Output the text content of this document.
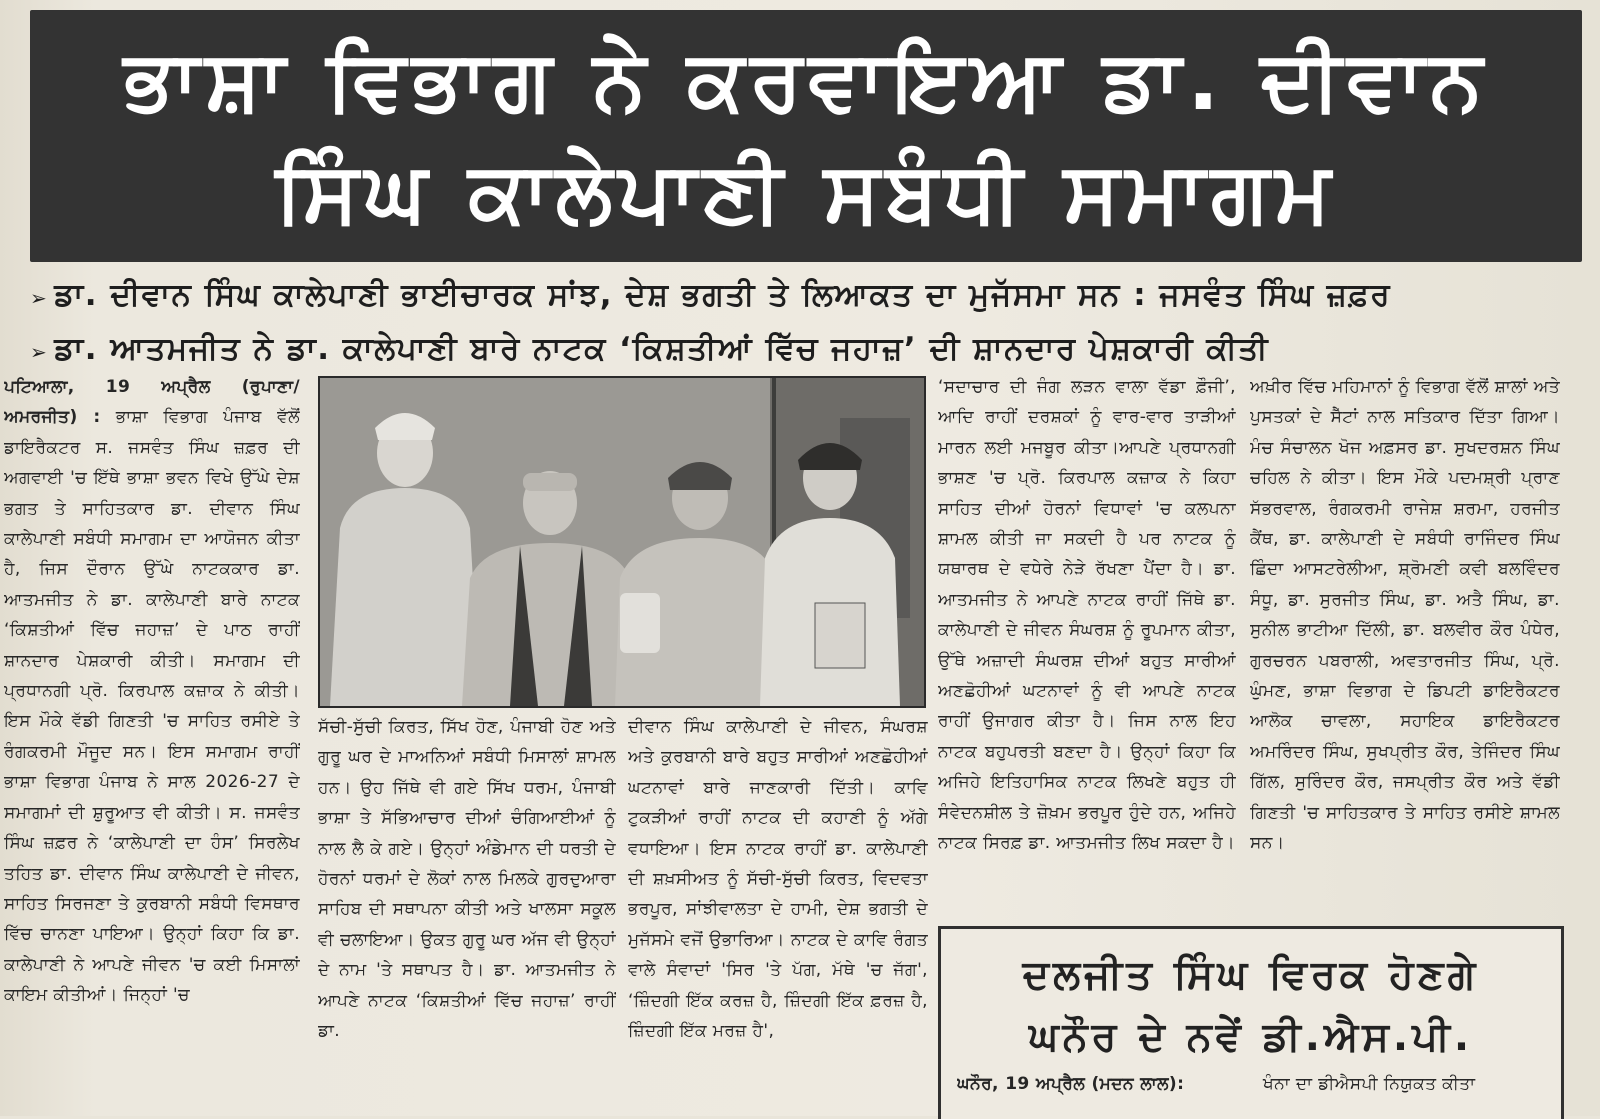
ਭਾਸ਼ਾ ਵਿਭਾਗ ਨੇ ਕਰਵਾਇਆ ਡਾ. ਦੀਵਾਨ
ਸਿੰਘ ਕਾਲੇਪਾਣੀ ਸਬੰਧੀ ਸਮਾਗਮ
➢ ਡਾ. ਦੀਵਾਨ ਸਿੰਘ ਕਾਲੇਪਾਣੀ ਭਾਈਚਾਰਕ ਸਾਂਝ, ਦੇਸ਼ ਭਗਤੀ ਤੇ ਲਿਆਕਤ ਦਾ ਮੁਜੱਸਮਾ ਸਨ : ਜਸਵੰਤ ਸਿੰਘ ਜ਼ਫ਼ਰ
➢ ਡਾ. ਆਤਮਜੀਤ ਨੇ ਡਾ. ਕਾਲੇਪਾਣੀ ਬਾਰੇ ਨਾਟਕ ‘ਕਿਸ਼ਤੀਆਂ ਵਿੱਚ ਜਹਾਜ਼’ ਦੀ ਸ਼ਾਨਦਾਰ ਪੇਸ਼ਕਾਰੀ ਕੀਤੀ

ਪਟਿਆਲਾ, 19 ਅਪ੍ਰੈਲ (ਰੁਪਾਣਾ/ ਅਮਰਜੀਤ) : ਭਾਸ਼ਾ ਵਿਭਾਗ ਪੰਜਾਬ ਵੱਲੋਂ ਡਾਇਰੈਕਟਰ ਸ. ਜਸਵੰਤ ਸਿੰਘ ਜ਼ਫ਼ਰ ਦੀ ਅਗਵਾਈ 'ਚ ਇੱਥੇ ਭਾਸ਼ਾ ਭਵਨ ਵਿਖੇ ਉੱਘੇ ਦੇਸ਼ ਭਗਤ ਤੇ ਸਾਹਿਤਕਾਰ ਡਾ. ਦੀਵਾਨ ਸਿੰਘ ਕਾਲੇਪਾਣੀ ਸਬੰਧੀ ਸਮਾਗਮ ਦਾ ਆਯੋਜਨ ਕੀਤਾ ਹੈ, ਜਿਸ ਦੌਰਾਨ ਉੱਘੇ ਨਾਟਕਕਾਰ ਡਾ. ਆਤਮਜੀਤ ਨੇ ਡਾ. ਕਾਲੇਪਾਣੀ ਬਾਰੇ ਨਾਟਕ ‘ਕਿਸ਼ਤੀਆਂ ਵਿੱਚ ਜਹਾਜ਼’ ਦੇ ਪਾਠ ਰਾਹੀਂ ਸ਼ਾਨਦਾਰ ਪੇਸ਼ਕਾਰੀ ਕੀਤੀ। ਸਮਾਗਮ ਦੀ ਪ੍ਰਧਾਨਗੀ ਪ੍ਰੋ. ਕਿਰਪਾਲ ਕਜ਼ਾਕ ਨੇ ਕੀਤੀ। ਇਸ ਮੌਕੇ ਵੱਡੀ ਗਿਣਤੀ 'ਚ ਸਾਹਿਤ ਰਸੀਏ ਤੇ ਰੰਗਕਰਮੀ ਮੌਜੂਦ ਸਨ। ਇਸ ਸਮਾਗਮ ਰਾਹੀਂ ਭਾਸ਼ਾ ਵਿਭਾਗ ਪੰਜਾਬ ਨੇ ਸਾਲ 2026-27 ਦੇ ਸਮਾਗਮਾਂ ਦੀ ਸ਼ੁਰੂਆਤ ਵੀ ਕੀਤੀ। ਸ. ਜਸਵੰਤ ਸਿੰਘ ਜ਼ਫ਼ਰ ਨੇ ‘ਕਾਲੇਪਾਣੀ ਦਾ ਹੰਸ’ ਸਿਰਲੇਖ ਤਹਿਤ ਡਾ. ਦੀਵਾਨ ਸਿੰਘ ਕਾਲੇਪਾਣੀ ਦੇ ਜੀਵਨ, ਸਾਹਿਤ ਸਿਰਜਣਾ ਤੇ ਕੁਰਬਾਨੀ ਸਬੰਧੀ ਵਿਸਥਾਰ ਵਿੱਚ ਚਾਨਣਾ ਪਾਇਆ। ਉਨ੍ਹਾਂ ਕਿਹਾ ਕਿ ਡਾ. ਕਾਲੇਪਾਣੀ ਨੇ ਆਪਣੇ ਜੀਵਨ 'ਚ ਕਈ ਮਿਸਾਲਾਂ ਕਾਇਮ ਕੀਤੀਆਂ। ਜਿਨ੍ਹਾਂ 'ਚ

ਸੱਚੀ-ਸੁੱਚੀ ਕਿਰਤ, ਸਿੱਖ ਹੋਣ, ਪੰਜਾਬੀ ਹੋਣ ਅਤੇ ਗੁਰੂ ਘਰ ਦੇ ਮਾਅਨਿਆਂ ਸਬੰਧੀ ਮਿਸਾਲਾਂ ਸ਼ਾਮਲ ਹਨ। ਉਹ ਜਿੱਥੇ ਵੀ ਗਏ ਸਿੱਖ ਧਰਮ, ਪੰਜਾਬੀ ਭਾਸ਼ਾ ਤੇ ਸੱਭਿਆਚਾਰ ਦੀਆਂ ਚੰਗਿਆਈਆਂ ਨੂੰ ਨਾਲ ਲੈ ਕੇ ਗਏ। ਉਨ੍ਹਾਂ ਅੰਡੇਮਾਨ ਦੀ ਧਰਤੀ ਦੇ ਹੋਰਨਾਂ ਧਰਮਾਂ ਦੇ ਲੋਕਾਂ ਨਾਲ ਮਿਲਕੇ ਗੁਰਦੁਆਰਾ ਸਾਹਿਬ ਦੀ ਸਥਾਪਨਾ ਕੀਤੀ ਅਤੇ ਖਾਲਸਾ ਸਕੂਲ ਵੀ ਚਲਾਇਆ। ਉਕਤ ਗੁਰੂ ਘਰ ਅੱਜ ਵੀ ਉਨ੍ਹਾਂ ਦੇ ਨਾਮ 'ਤੇ ਸਥਾਪਤ ਹੈ। ਡਾ. ਆਤਮਜੀਤ ਨੇ ਆਪਣੇ ਨਾਟਕ ‘ਕਿਸ਼ਤੀਆਂ ਵਿੱਚ ਜਹਾਜ਼’ ਰਾਹੀਂ ਡਾ.

ਦੀਵਾਨ ਸਿੰਘ ਕਾਲੇਪਾਣੀ ਦੇ ਜੀਵਨ, ਸੰਘਰਸ਼ ਅਤੇ ਕੁਰਬਾਨੀ ਬਾਰੇ ਬਹੁਤ ਸਾਰੀਆਂ ਅਣਛੋਹੀਆਂ ਘਟਨਾਵਾਂ ਬਾਰੇ ਜਾਣਕਾਰੀ ਦਿੱਤੀ। ਕਾਵਿ ਟੁਕੜੀਆਂ ਰਾਹੀਂ ਨਾਟਕ ਦੀ ਕਹਾਣੀ ਨੂੰ ਅੱਗੇ ਵਧਾਇਆ। ਇਸ ਨਾਟਕ ਰਾਹੀਂ ਡਾ. ਕਾਲੇਪਾਣੀ ਦੀ ਸ਼ਖ਼ਸੀਅਤ ਨੂੰ ਸੱਚੀ-ਸੁੱਚੀ ਕਿਰਤ, ਵਿਦਵਤਾ ਭਰਪੂਰ, ਸਾਂਝੀਵਾਲਤਾ ਦੇ ਹਾਮੀ, ਦੇਸ਼ ਭਗਤੀ ਦੇ ਮੁਜੱਸਮੇ ਵਜੋਂ ਉਭਾਰਿਆ। ਨਾਟਕ ਦੇ ਕਾਵਿ ਰੰਗਤ ਵਾਲੇ ਸੰਵਾਦਾਂ 'ਸਿਰ 'ਤੇ ਪੱਗ, ਮੱਥੇ 'ਚ ਜੱਗ', ‘ਜ਼ਿੰਦਗੀ ਇੱਕ ਕਰਜ਼ ਹੈ, ਜ਼ਿੰਦਗੀ ਇੱਕ ਫ਼ਰਜ਼ ਹੈ, ਜ਼ਿੰਦਗੀ ਇੱਕ ਮਰਜ਼ ਹੈ',

‘ਸਦਾਚਾਰ ਦੀ ਜੰਗ ਲੜਨ ਵਾਲਾ ਵੱਡਾ ਫ਼ੌਜੀ’, ਆਦਿ ਰਾਹੀਂ ਦਰਸ਼ਕਾਂ ਨੂੰ ਵਾਰ-ਵਾਰ ਤਾੜੀਆਂ ਮਾਰਨ ਲਈ ਮਜਬੂਰ ਕੀਤਾ।ਆਪਣੇ ਪ੍ਰਧਾਨਗੀ ਭਾਸ਼ਣ 'ਚ ਪ੍ਰੋ. ਕਿਰਪਾਲ ਕਜ਼ਾਕ ਨੇ ਕਿਹਾ ਸਾਹਿਤ ਦੀਆਂ ਹੋਰਨਾਂ ਵਿਧਾਵਾਂ 'ਚ ਕਲਪਨਾ ਸ਼ਾਮਲ ਕੀਤੀ ਜਾ ਸਕਦੀ ਹੈ ਪਰ ਨਾਟਕ ਨੂੰ ਯਥਾਰਥ ਦੇ ਵਧੇਰੇ ਨੇੜੇ ਰੱਖਣਾ ਪੈਂਦਾ ਹੈ। ਡਾ. ਆਤਮਜੀਤ ਨੇ ਆਪਣੇ ਨਾਟਕ ਰਾਹੀਂ ਜਿੱਥੇ ਡਾ. ਕਾਲੇਪਾਣੀ ਦੇ ਜੀਵਨ ਸੰਘਰਸ਼ ਨੂੰ ਰੂਪਮਾਨ ਕੀਤਾ, ਉੱਥੇ ਅਜ਼ਾਦੀ ਸੰਘਰਸ਼ ਦੀਆਂ ਬਹੁਤ ਸਾਰੀਆਂ ਅਣਛੋਹੀਆਂ ਘਟਨਾਵਾਂ ਨੂੰ ਵੀ ਆਪਣੇ ਨਾਟਕ ਰਾਹੀਂ ਉਜਾਗਰ ਕੀਤਾ ਹੈ। ਜਿਸ ਨਾਲ ਇਹ ਨਾਟਕ ਬਹੁਪਰਤੀ ਬਣਦਾ ਹੈ। ਉਨ੍ਹਾਂ ਕਿਹਾ ਕਿ ਅਜਿਹੇ ਇਤਿਹਾਸਿਕ ਨਾਟਕ ਲਿਖਣੇ ਬਹੁਤ ਹੀ ਸੰਵੇਦਨਸ਼ੀਲ ਤੇ ਜ਼ੋਖ਼ਮ ਭਰਪੂਰ ਹੁੰਦੇ ਹਨ, ਅਜਿਹੇ ਨਾਟਕ ਸਿਰਫ਼ ਡਾ. ਆਤਮਜੀਤ ਲਿਖ ਸਕਦਾ ਹੈ।

ਅਖ਼ੀਰ ਵਿੱਚ ਮਹਿਮਾਨਾਂ ਨੂੰ ਵਿਭਾਗ ਵੱਲੋਂ ਸ਼ਾਲਾਂ ਅਤੇ ਪੁਸਤਕਾਂ ਦੇ ਸੈੱਟਾਂ ਨਾਲ ਸਤਿਕਾਰ ਦਿੱਤਾ ਗਿਆ। ਮੰਚ ਸੰਚਾਲਨ ਖੋਜ ਅਫ਼ਸਰ ਡਾ. ਸੁਖਦਰਸ਼ਨ ਸਿੰਘ ਚਹਿਲ ਨੇ ਕੀਤਾ। ਇਸ ਮੌਕੇ ਪਦਮਸ਼੍ਰੀ ਪ੍ਰਾਣ ਸੱਭਰਵਾਲ, ਰੰਗਕਰਮੀ ਰਾਜੇਸ਼ ਸ਼ਰਮਾ, ਹਰਜੀਤ ਕੈਂਥ, ਡਾ. ਕਾਲੇਪਾਣੀ ਦੇ ਸਬੰਧੀ ਰਾਜਿੰਦਰ ਸਿੰਘ ਛਿੰਦਾ ਆਸਟਰੇਲੀਆ, ਸ਼੍ਰੋਮਣੀ ਕਵੀ ਬਲਵਿੰਦਰ ਸੰਧੂ, ਡਾ. ਸੁਰਜੀਤ ਸਿੰਘ, ਡਾ. ਅਤੈ ਸਿੰਘ, ਡਾ. ਸੁਨੀਲ ਭਾਟੀਆ ਦਿੱਲੀ, ਡਾ. ਬਲਵੀਰ ਕੌਰ ਪੰਧੇਰ, ਗੁਰਚਰਨ ਪਬਰਾਲੀ, ਅਵਤਾਰਜੀਤ ਸਿੰਘ, ਪ੍ਰੋ. ਘੁੰਮਣ, ਭਾਸ਼ਾ ਵਿਭਾਗ ਦੇ ਡਿਪਟੀ ਡਾਇਰੈਕਟਰ ਆਲੋਕ ਚਾਵਲਾ, ਸਹਾਇਕ ਡਾਇਰੈਕਟਰ ਅਮਰਿੰਦਰ ਸਿੰਘ, ਸੁਖਪ੍ਰੀਤ ਕੌਰ, ਤੇਜਿੰਦਰ ਸਿੰਘ ਗਿੱਲ, ਸੁਰਿੰਦਰ ਕੌਰ, ਜਸਪ੍ਰੀਤ ਕੌਰ ਅਤੇ ਵੱਡੀ ਗਿਣਤੀ 'ਚ ਸਾਹਿਤਕਾਰ ਤੇ ਸਾਹਿਤ ਰਸੀਏ ਸ਼ਾਮਲ ਸਨ।

ਦਲਜੀਤ ਸਿੰਘ ਵਿਰਕ ਹੋਣਗੇ
ਘਨੌਰ ਦੇ ਨਵੇਂ ਡੀ.ਐਸ.ਪੀ.
ਘਨੌਰ, 19 ਅਪ੍ਰੈਲ (ਮਦਨ ਲਾਲ):	ਖੰਨਾ ਦਾ ਡੀਐਸਪੀ ਨਿਯੁਕਤ ਕੀਤਾ
